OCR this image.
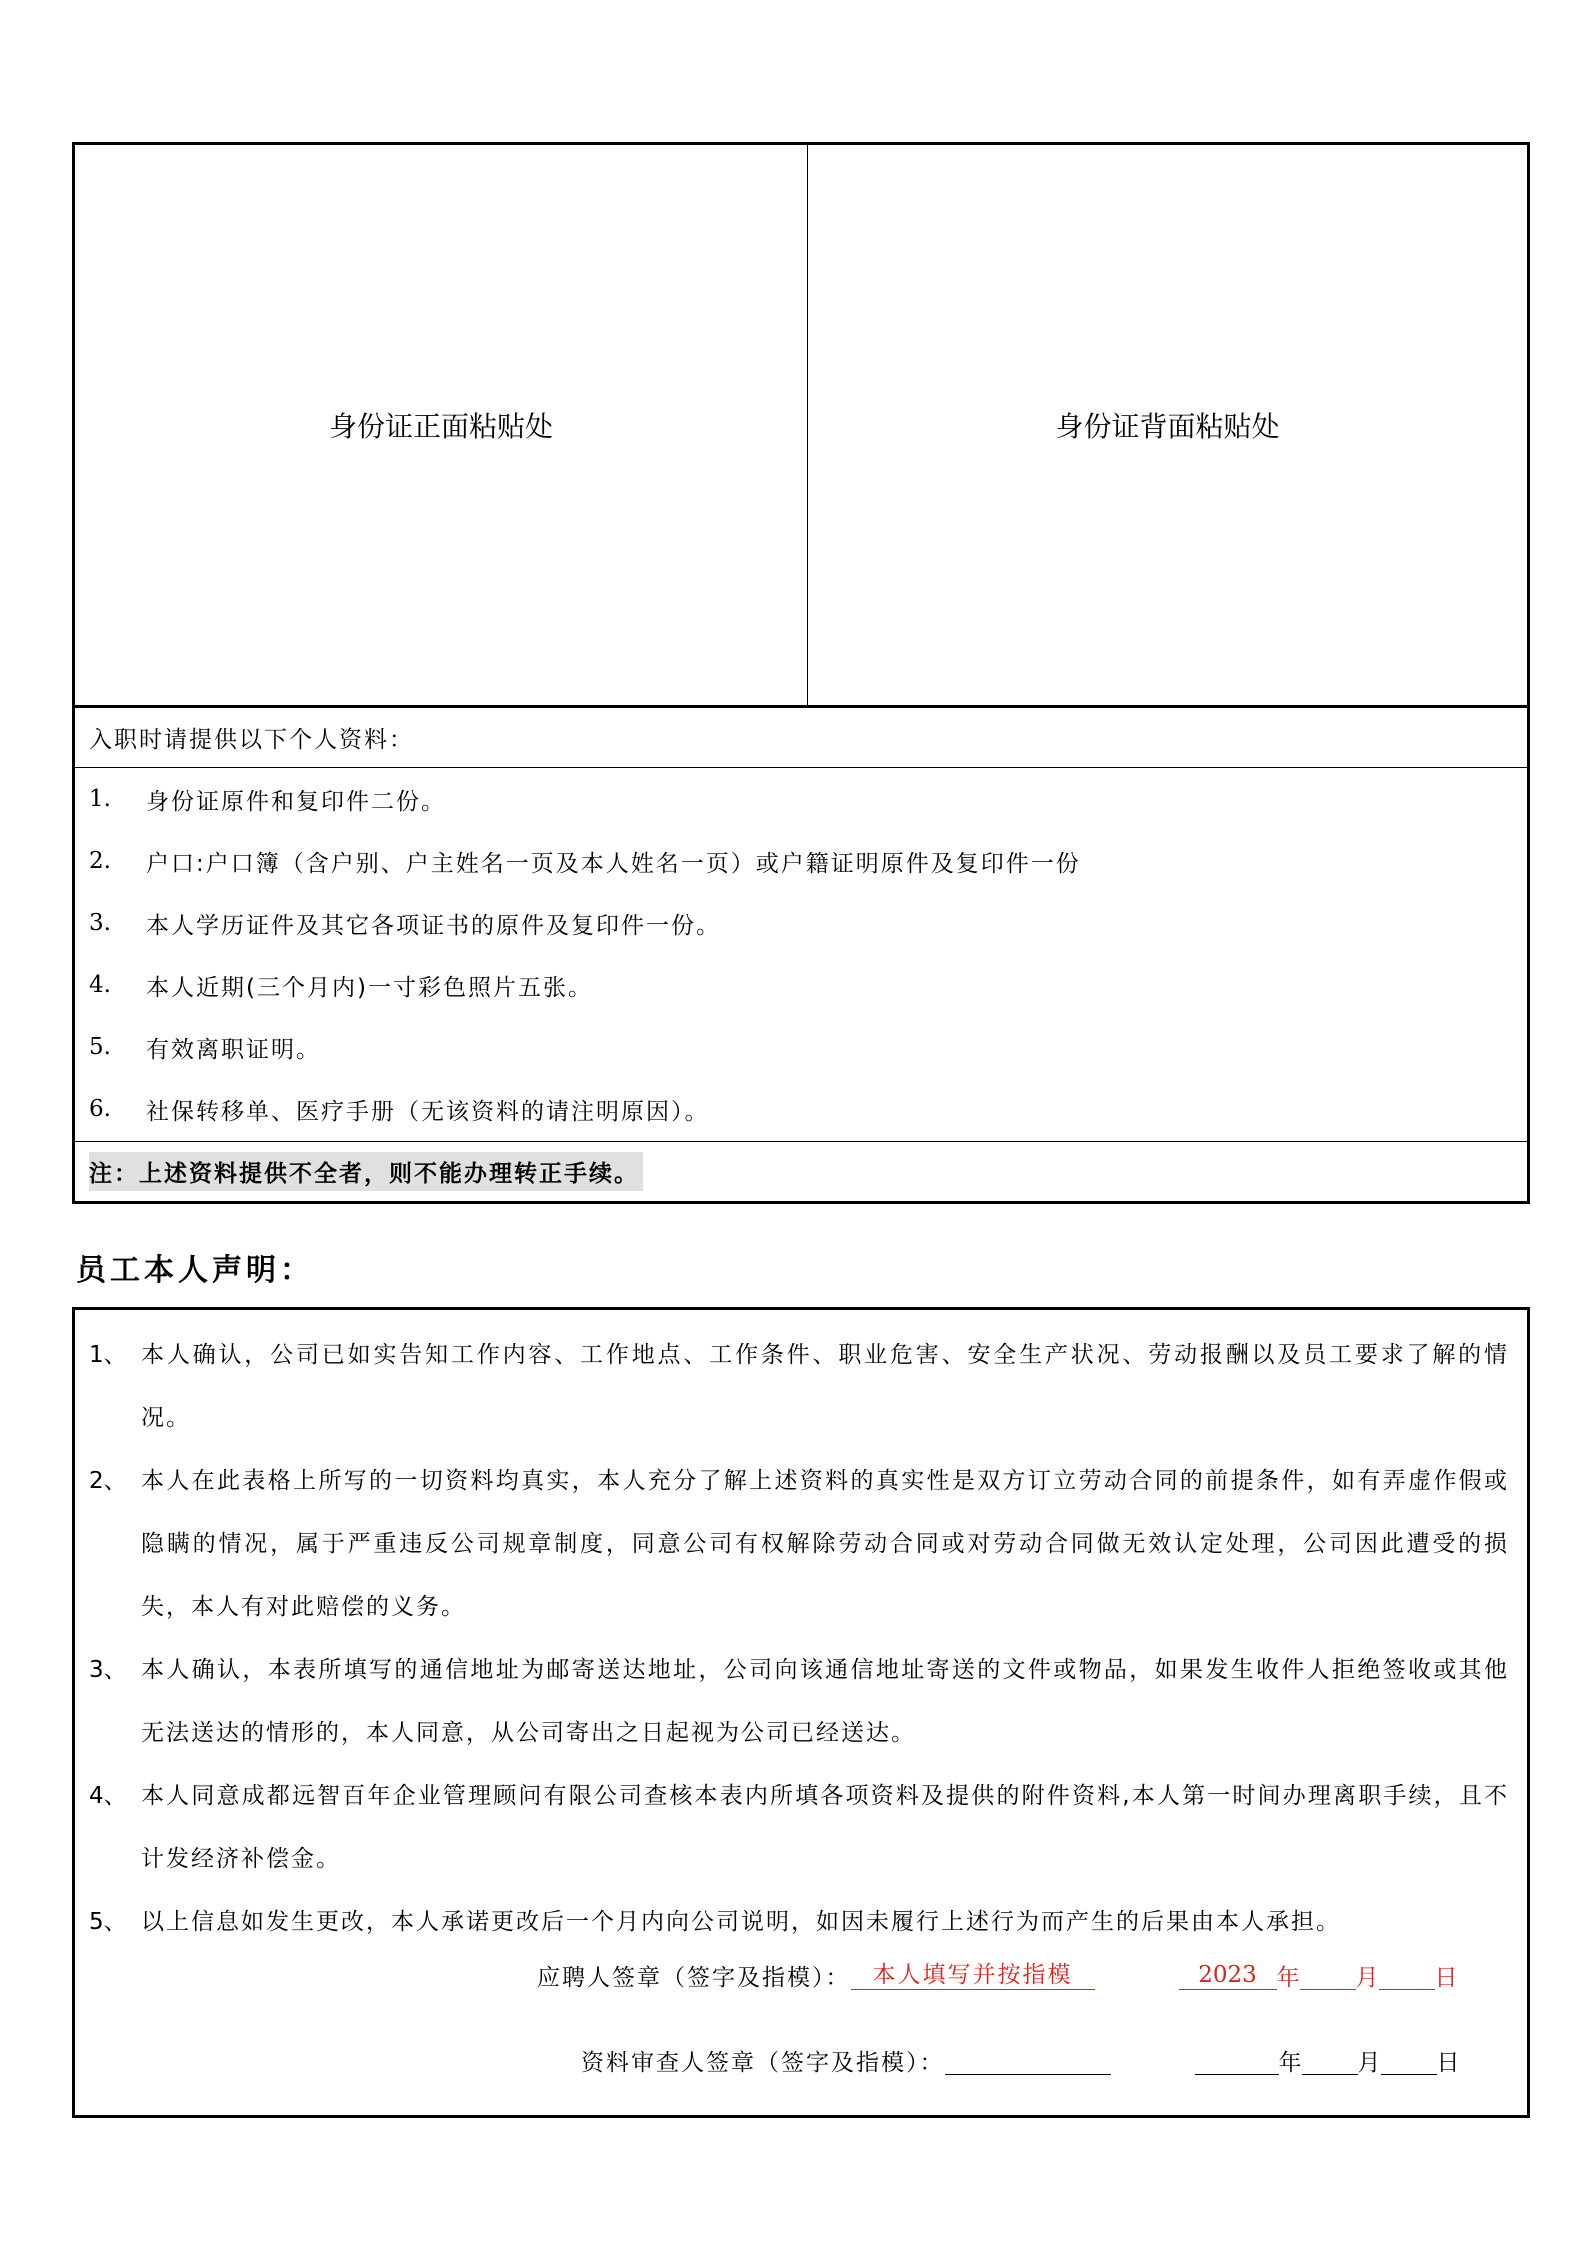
身份证正面粘贴处	身份证背面粘贴处
入职时请提供以下个人资料：
1.	身份证原件和复印件二份。
2.	户口:户口簿（含户别、户主姓名一页及本人姓名一页）或户籍证明原件及复印件一份
3.	本人学历证件及其它各项证书的原件及复印件一份。
4.	本人近期(三个月内)一寸彩色照片五张。
5.	有效离职证明。
6.	社保转移单、医疗手册（无该资料的请注明原因）。
注：上述资料提供不全者，则不能办理转正手续。
员工本人声明：
1、 本人确认，公司已如实告知工作内容、工作地点、工作条件、职业危害、安全生产状况、劳动报酬以及员工要求了解的情况。
2、 本人在此表格上所写的一切资料均真实，本人充分了解上述资料的真实性是双方订立劳动合同的前提条件，如有弄虚作假或隐瞒的情况，属于严重违反公司规章制度，同意公司有权解除劳动合同或对劳动合同做无效认定处理，公司因此遭受的损失，本人有对此赔偿的义务。
3、 本人确认，本表所填写的通信地址为邮寄送达地址，公司向该通信地址寄送的文件或物品，如果发生收件人拒绝签收或其他无法送达的情形的，本人同意，从公司寄出之日起视为公司已经送达。
4、 本人同意成都远智百年企业管理顾问有限公司查核本表内所填各项资料及提供的附件资料,本人第一时间办理离职手续，且不计发经济补偿金。
5、 以上信息如发生更改，本人承诺更改后一个月内向公司说明，如因未履行上述行为而产生的后果由本人承担。
应聘人签章（签字及指模）： 本人填写并按指模	2023 年 月 日
资料审查人签章（签字及指模）：	年 月 日
